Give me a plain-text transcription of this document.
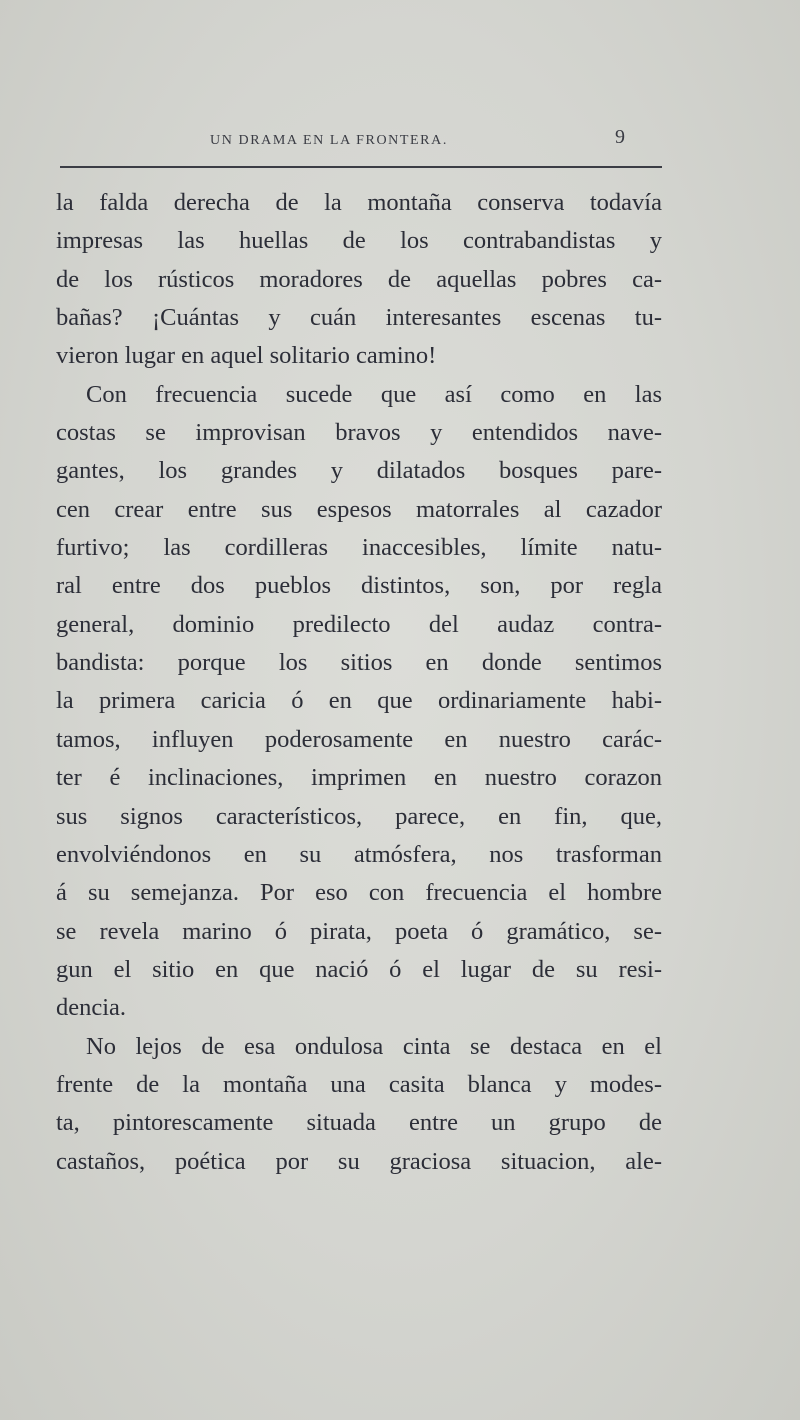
UN DRAMA EN LA FRONTERA.	9
la falda derecha de la montaña conserva todavía
impresas las huellas de los contrabandistas y
de los rústicos moradores de aquellas pobres ca-
bañas? ¡Cuántas y cuán interesantes escenas tu-
vieron lugar en aquel solitario camino!
Con frecuencia sucede que así como en las
costas se improvisan bravos y entendidos nave-
gantes, los grandes y dilatados bosques pare-
cen crear entre sus espesos matorrales al cazador
furtivo; las cordilleras inaccesibles, límite natu-
ral entre dos pueblos distintos, son, por regla
general, dominio predilecto del audaz contra-
bandista: porque los sitios en donde sentimos
la primera caricia ó en que ordinariamente habi-
tamos, influyen poderosamente en nuestro carác-
ter é inclinaciones, imprimen en nuestro corazon
sus signos característicos, parece, en fin, que,
envolviéndonos en su atmósfera, nos trasforman
á su semejanza. Por eso con frecuencia el hombre
se revela marino ó pirata, poeta ó gramático, se-
gun el sitio en que nació ó el lugar de su resi-
dencia.
No lejos de esa ondulosa cinta se destaca en el
frente de la montaña una casita blanca y modes-
ta, pintorescamente situada entre un grupo de
castaños, poética por su graciosa situacion, ale-
